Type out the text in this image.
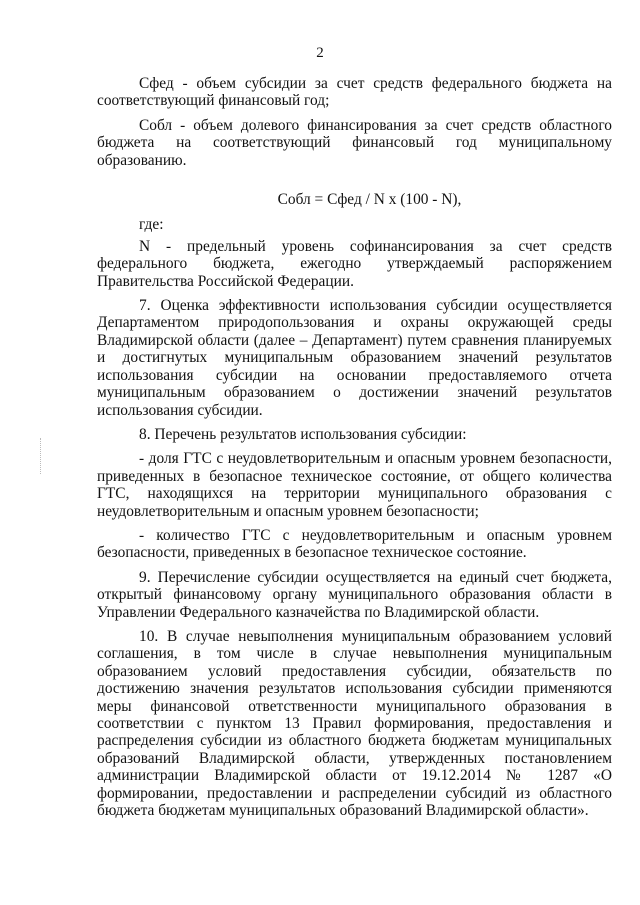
2

Сфед - объем субсидии за счет средств федерального бюджета на соответствующий финансовый год;

Собл - объем долевого финансирования за счет средств областного бюджета на соответствующий финансовый год муниципальному образованию.

Собл = Сфед / N x (100 - N),

где:

N - предельный уровень софинансирования за счет средств федерального бюджета, ежегодно утверждаемый распоряжением Правительства Российской Федерации.

7. Оценка эффективности использования субсидии осуществляется Департаментом природопользования и охраны окружающей среды Владимирской области (далее – Департамент) путем сравнения планируемых и достигнутых муниципальным образованием значений результатов использования субсидии на основании предоставляемого отчета муниципальным образованием о достижении значений результатов использования субсидии.

8. Перечень результатов использования субсидии:

- доля ГТС с неудовлетворительным и опасным уровнем безопасности, приведенных в безопасное техническое состояние, от общего количества ГТС, находящихся на территории муниципального образования с неудовлетворительным и опасным уровнем безопасности;

- количество ГТС с неудовлетворительным и опасным уровнем безопасности, приведенных в безопасное техническое состояние.

9. Перечисление субсидии осуществляется на единый счет бюджета, открытый финансовому органу муниципального образования области в Управлении Федерального казначейства по Владимирской области.

10. В случае невыполнения муниципальным образованием условий соглашения, в том числе в случае невыполнения муниципальным образованием условий предоставления субсидии, обязательств по достижению значения результатов использования субсидии применяются меры финансовой ответственности муниципального образования в соответствии с пунктом 13 Правил формирования, предоставления и распределения субсидии из областного бюджета бюджетам муниципальных образований Владимирской области, утвержденных постановлением администрации Владимирской области от 19.12.2014 № 1287 «О формировании, предоставлении и распределении субсидий из областного бюджета бюджетам муниципальных образований Владимирской области».
